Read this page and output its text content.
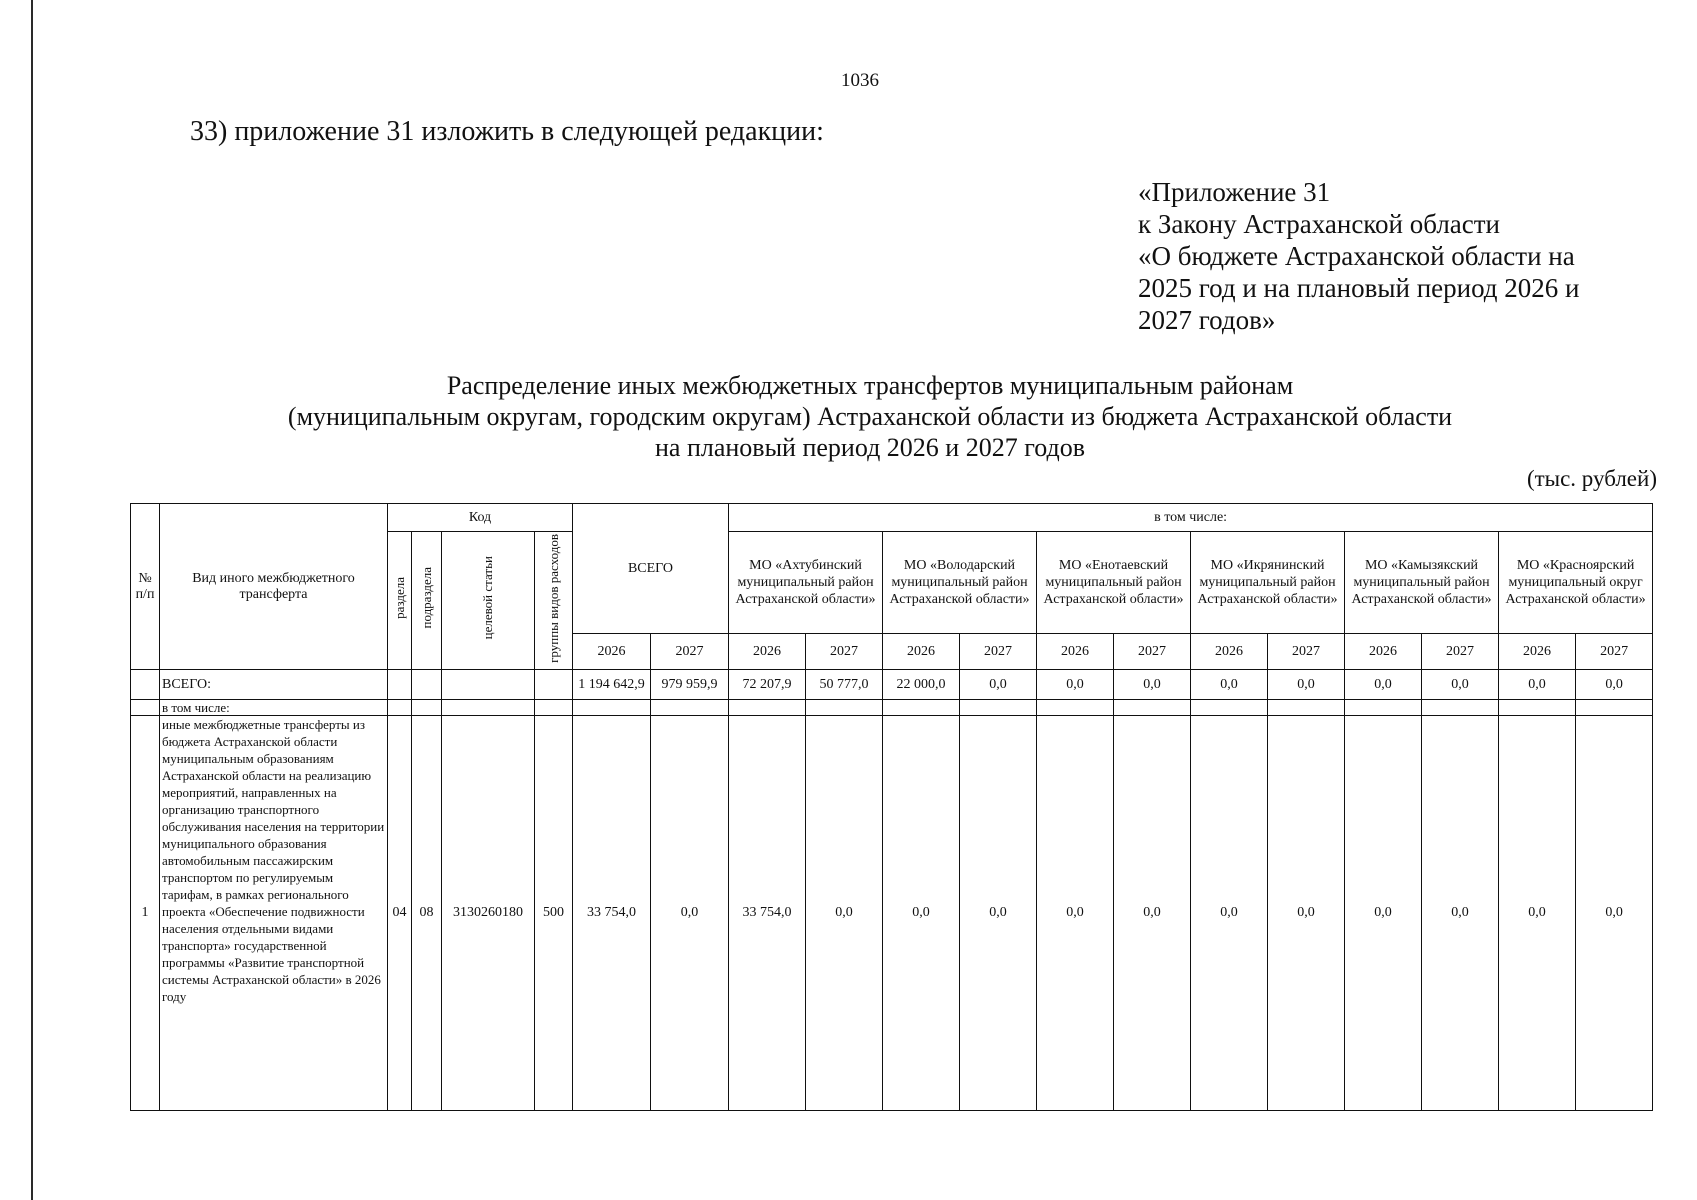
1036
33) приложение 31 изложить в следующей редакции:
«Приложение 31
к Закону Астраханской области
«О бюджете Астраханской области на
2025 год и на плановый период 2026 и
2027 годов»
Распределение иных межбюджетных трансфертов муниципальным районам
(муниципальным округам, городским округам) Астраханской области из бюджета Астраханской области
на плановый период 2026 и 2027 годов
(тыс. рублей)
№ п/п	Вид иного межбюджетного трансферта	Код				ВСЕГО		в том числе:											
		раздела	подраздела	целевой статьи	группы видов расходов			МО «Ахтубинский муниципальный район Астраханской области»		МО «Володарский муниципальный район Астраханской области»		МО «Енотаевский муниципальный район Астраханской области»		МО «Икрянинский муниципальный район Астраханской области»		МО «Камызякский муниципальный район Астраханской области»		МО «Красноярский муниципальный округ Астраханской области»	
						2026	2027	2026	2027	2026	2027	2026	2027	2026	2027	2026	2027	2026	2027
	ВСЕГО:					1 194 642,9	979 959,9	72 207,9	50 777,0	22 000,0	0,0	0,0	0,0	0,0	0,0	0,0	0,0	0,0	0,0
	в том числе:																		
1	иные межбюджетные трансферты из бюджета Астраханской области муниципальным образованиям Астраханской области на реализацию мероприятий, направленных на организацию транспортного обслуживания населения на территории муниципального образования автомобильным пассажирским транспортом по регулируемым тарифам, в рамках регионального проекта «Обеспечение подвижности населения отдельными видами транспорта» государственной программы «Развитие транспортной системы Астраханской области» в 2026 году	04	08	3130260180	500	33 754,0	0,0	33 754,0	0,0	0,0	0,0	0,0	0,0	0,0	0,0	0,0	0,0	0,0	0,0
